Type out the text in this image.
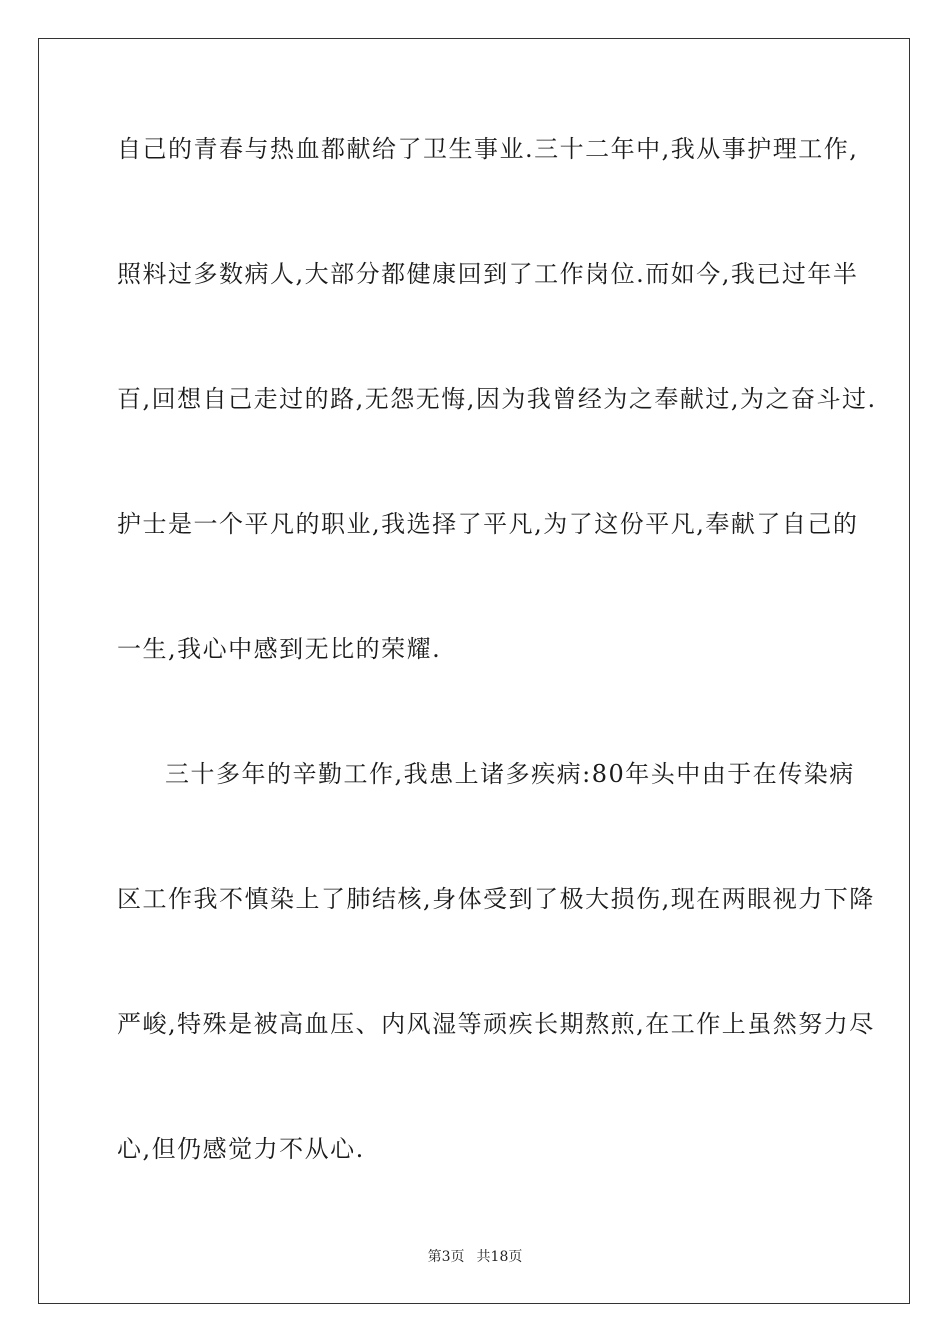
自己的青春与热血都献给了卫生事业.三十二年中,我从事护理工作,
照料过多数病人,大部分都健康回到了工作岗位.而如今,我已过年半
百,回想自己走过的路,无怨无悔,因为我曾经为之奉献过,为之奋斗过.
护士是一个平凡的职业,我选择了平凡,为了这份平凡,奉献了自己的
一生,我心中感到无比的荣耀.
三十多年的辛勤工作,我患上诸多疾病:80年头中由于在传染病
区工作我不慎染上了肺结核,身体受到了极大损伤,现在两眼视力下降
严峻,特殊是被高血压、内风湿等顽疾长期熬煎,在工作上虽然努力尽
心,但仍感觉力不从心.
第3页 共18页
